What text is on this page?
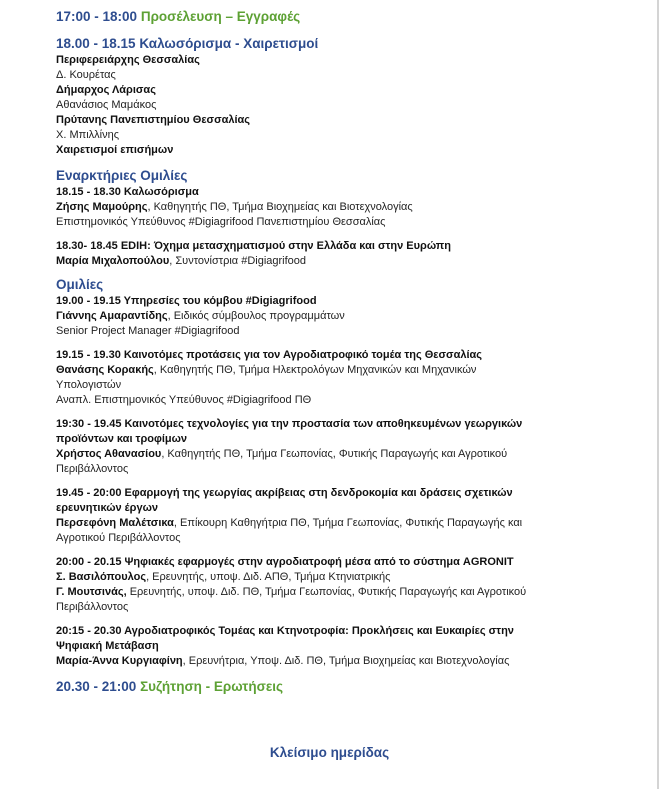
17:00 - 18:00 Προσέλευση – Εγγραφές
18.00 - 18.15 Καλωσόρισμα - Χαιρετισμοί
Περιφερειάρχης Θεσσαλίας
Δ. Κουρέτας
Δήμαρχος Λάρισας
Αθανάσιος Μαμάκος
Πρύτανης Πανεπιστημίου Θεσσαλίας
Χ. Μπιλλίνης
Χαιρετισμοί επισήμων
Εναρκτήριες Ομιλίες
18.15 - 18.30 Καλωσόρισμα
Ζήσης Μαμούρης, Καθηγητής ΠΘ, Τμήμα Βιοχημείας και Βιοτεχνολογίας
Επιστημονικός Υπεύθυνος #Digiagrifood Πανεπιστημίου Θεσσαλίας
18.30- 18.45 EDIH: Όχημα μετασχηματισμού στην Ελλάδα και στην Ευρώπη
Μαρία Μιχαλοπούλου, Συντονίστρια #Digiagrifood
Ομιλίες
19.00 - 19.15 Υπηρεσίες του κόμβου #Digiagrifood
Γιάννης Αμαραντίδης, Ειδικός σύμβουλος προγραμμάτων
Senior Project Manager #Digiagrifood
19.15 - 19.30 Καινοτόμες προτάσεις για τον Αγροδιατροφικό τομέα της Θεσσαλίας
Θανάσης Κορακής, Καθηγητής ΠΘ, Τμήμα Ηλεκτρολόγων Μηχανικών και Μηχανικών
Υπολογιστών
Αναπλ. Επιστημονικός Υπεύθυνος #Digiagrifood ΠΘ
19:30 - 19.45 Καινοτόμες τεχνολογίες για την προστασία των αποθηκευμένων γεωργικών
προϊόντων και τροφίμων
Χρήστος Αθανασίου, Καθηγητής ΠΘ, Τμήμα Γεωπονίας, Φυτικής Παραγωγής και Αγροτικού
Περιβάλλοντος
19.45 - 20:00 Εφαρμογή της γεωργίας ακρίβειας στη δενδροκομία και δράσεις σχετικών
ερευνητικών έργων
Περσεφόνη Μαλέτσικα, Επίκουρη Καθηγήτρια ΠΘ, Τμήμα Γεωπονίας, Φυτικής Παραγωγής και
Αγροτικού Περιβάλλοντος
20:00 - 20.15 Ψηφιακές εφαρμογές στην αγροδιατροφή μέσα από το σύστημα AGRONIT
Σ. Βασιλόπουλος, Ερευνητής, υποψ. Διδ. ΑΠΘ, Τμήμα Κτηνιατρικής
Γ. Μουτσινάς, Ερευνητής, υποψ. Διδ. ΠΘ, Τμήμα Γεωπονίας, Φυτικής Παραγωγής και Αγροτικού
Περιβάλλοντος
20:15 - 20.30 Αγροδιατροφικός Τομέας και Κτηνοτροφία: Προκλήσεις και Ευκαιρίες στην
Ψηφιακή Μετάβαση
Μαρία-Άννα Κυργιαφίνη, Ερευνήτρια, Υποψ. Διδ. ΠΘ, Τμήμα Βιοχημείας και Βιοτεχνολογίας
20.30 - 21:00 Συζήτηση - Ερωτήσεις
Κλείσιμο ημερίδας
